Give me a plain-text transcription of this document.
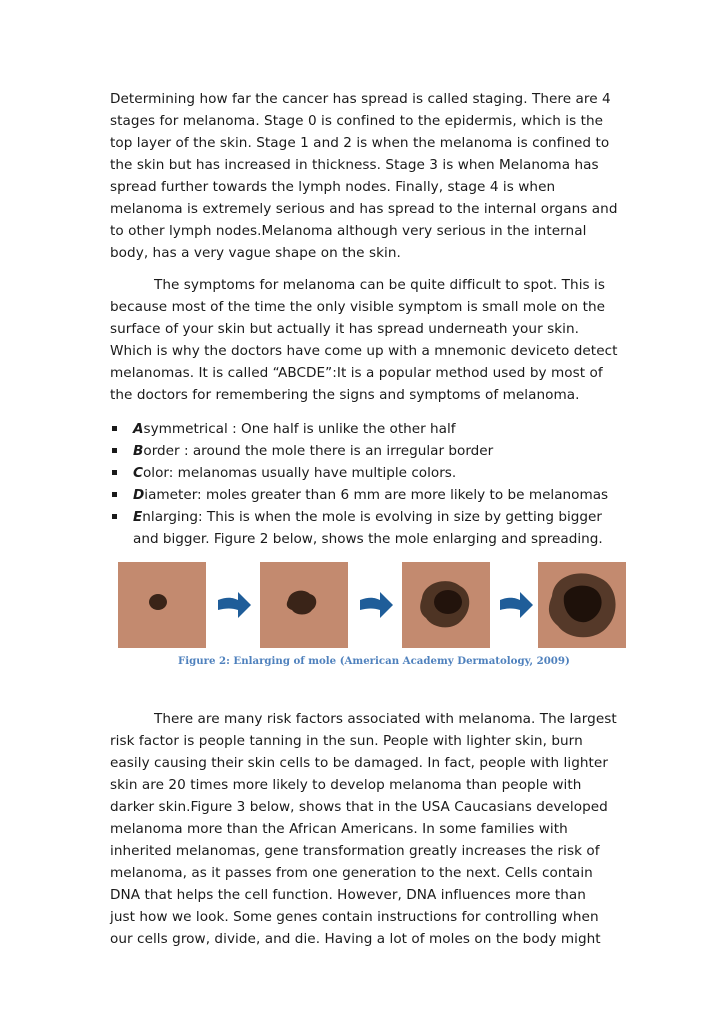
Determining how far the cancer has spread is called staging. There are 4
stages for melanoma. Stage 0 is confined to the epidermis, which is the
top layer of the skin. Stage 1 and 2 is when the melanoma is confined to
the skin but has increased in thickness. Stage 3 is when Melanoma has
spread further towards the lymph nodes. Finally, stage 4 is when
melanoma is extremely serious and has spread to the internal organs and
to other lymph nodes.Melanoma although very serious in the internal
body, has a very vague shape on the skin.
The symptoms for melanoma can be quite difficult to spot. This is
because most of the time the only visible symptom is small mole on the
surface of your skin but actually it has spread underneath your skin.
Which is why the doctors have come up with a mnemonic deviceto detect
melanomas. It is called “ABCDE”:It is a popular method used by most of
the doctors for remembering the signs and symptoms of melanoma.
Asymmetrical : One half is unlike the other half
Border : around the mole there is an irregular border
Color: melanomas usually have multiple colors.
Diameter: moles greater than 6 mm are more likely to be melanomas
Enlarging: This is when the mole is evolving in size by getting bigger
and bigger. Figure 2 below, shows the mole enlarging and spreading.
Figure 2: Enlarging of mole (American Academy Dermatology, 2009)
There are many risk factors associated with melanoma. The largest
risk factor is people tanning in the sun. People with lighter skin, burn
easily causing their skin cells to be damaged. In fact, people with lighter
skin are 20 times more likely to develop melanoma than people with
darker skin.Figure 3 below, shows that in the USA Caucasians developed
melanoma more than the African Americans. In some families with
inherited melanomas, gene transformation greatly increases the risk of
melanoma, as it passes from one generation to the next. Cells contain
DNA that helps the cell function. However, DNA influences more than
just how we look. Some genes contain instructions for controlling when
our cells grow, divide, and die. Having a lot of moles on the body might
